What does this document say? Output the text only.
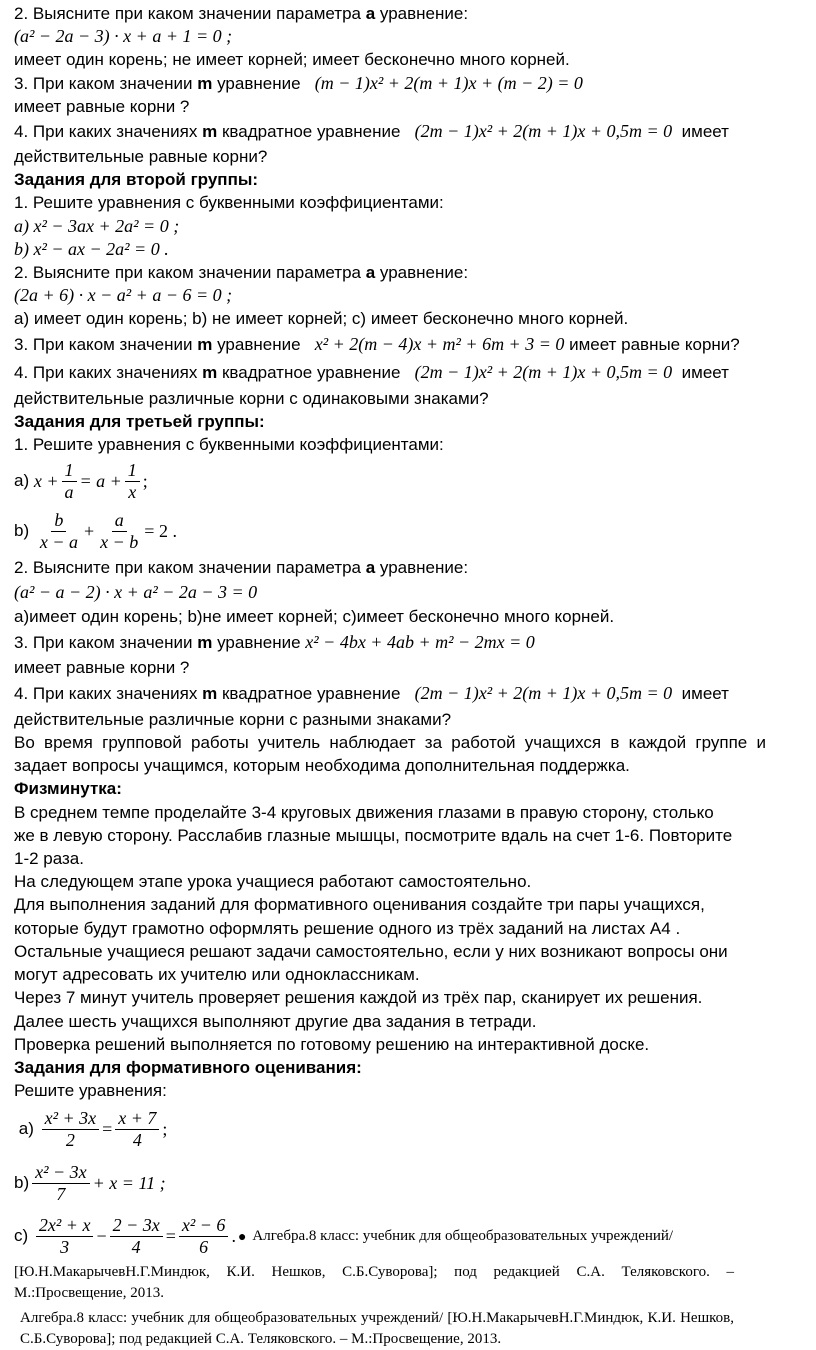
2. Выясните при каком значении параметра а уравнение:
(a² − 2a − 3) · x + a + 1 = 0 ;
имеет один корень; не имеет корней; имеет бесконечно много корней.
3. При каком значении m уравнение (m − 1)x² + 2(m + 1)x + (m − 2) = 0
имеет равные корни ?
4. При каких значениях m квадратное уравнение (2m − 1)x² + 2(m + 1)x + 0,5m = 0 имеет
действительные равные корни?
Задания для второй группы:
1. Решите уравнения с буквенными коэффициентами:
а) x² − 3ax + 2a² = 0 ;
b) x² − ax − 2a² = 0 .
2. Выясните при каком значении параметра а уравнение:
(2a + 6) · x − a² + a − 6 = 0 ;
а) имеет один корень; b) не имеет корней; c) имеет бесконечно много корней.
3. При каком значении m уравнение x² + 2(m − 4)x + m² + 6m + 3 = 0 имеет равные корни?
4. При каких значениях m квадратное уравнение (2m − 1)x² + 2(m + 1)x + 0,5m = 0 имеет
действительные различные корни с одинаковыми знаками?
Задания для третьей группы:
1. Решите уравнения с буквенными коэффициентами:
а)
$x + \frac{1}{a} = a + \frac{1}{x}$ ;
b)
$\frac{b}{x - a} + \frac{a}{x - b} = 2$ .
2. Выясните при каком значении параметра а уравнение:
(a² − a − 2) · x + a² − 2a − 3 = 0
а)имеет один корень; b)не имеет корней; c)имеет бесконечно много корней.
3. При каком значении m уравнение x² − 4bx + 4ab + m² − 2mx = 0
имеет равные корни ?
4. При каких значениях m квадратное уравнение (2m − 1)x² + 2(m + 1)x + 0,5m = 0 имеет
действительные различные корни с разными знаками?
Во время групповой работы учитель наблюдает за работой учащихся в каждой группе и задает вопросы учащимся, которым необходима дополнительная поддержка.
Физминутка:
В среднем темпе проделайте 3-4 круговых движения глазами в правую сторону, столько
же в левую сторону. Расслабив глазные мышцы, посмотрите вдаль на счет 1-6. Повторите
1-2 раза.
На следующем этапе урока учащиеся работают самостоятельно.
Для выполнения заданий для формативного оценивания создайте три пары учащихся,
которые будут грамотно оформлять решение одного из трёх заданий на листах А4 .
Остальные учащиеся решают задачи самостоятельно, если у них возникают вопросы они
могут адресовать их учителю или одноклассникам.
Через 7 минут учитель проверяет решения каждой из трёх пар, сканирует их решения.
Далее шесть учащихся выполняют другие два задания в тетради.
Проверка решений выполняется по готовому решению на интерактивной доске.
Задания для формативного оценивания:
Решите уравнения:

а)
$\frac{\text{x² + 3x}}{2} = \frac{x + 7}{4}$ ;
$b) \frac{\text{x² − 3x}}{7} + x = 11$ ;
c)
$\frac{\text{2x² + x}}{3} - \frac{2 - 3x}{4} = \frac{\text{x² − 6}}{6}$ . ● Алгебра.8 класс: учебник для общеобразовательных учреждений/
[Ю.Н.МакарычевН.Г.Миндюк, К.И. Нешков, С.Б.Суворова]; под редакцией С.А. Теляковского. – М.:Просвещение, 2013.
Алгебра.8 класс: учебник для общеобразовательных учреждений/ [Ю.Н.МакарычевН.Г.Миндюк, К.И. Нешков, С.Б.Суворова]; под редакцией С.А. Теляковского. – М.:Просвещение, 2013.
